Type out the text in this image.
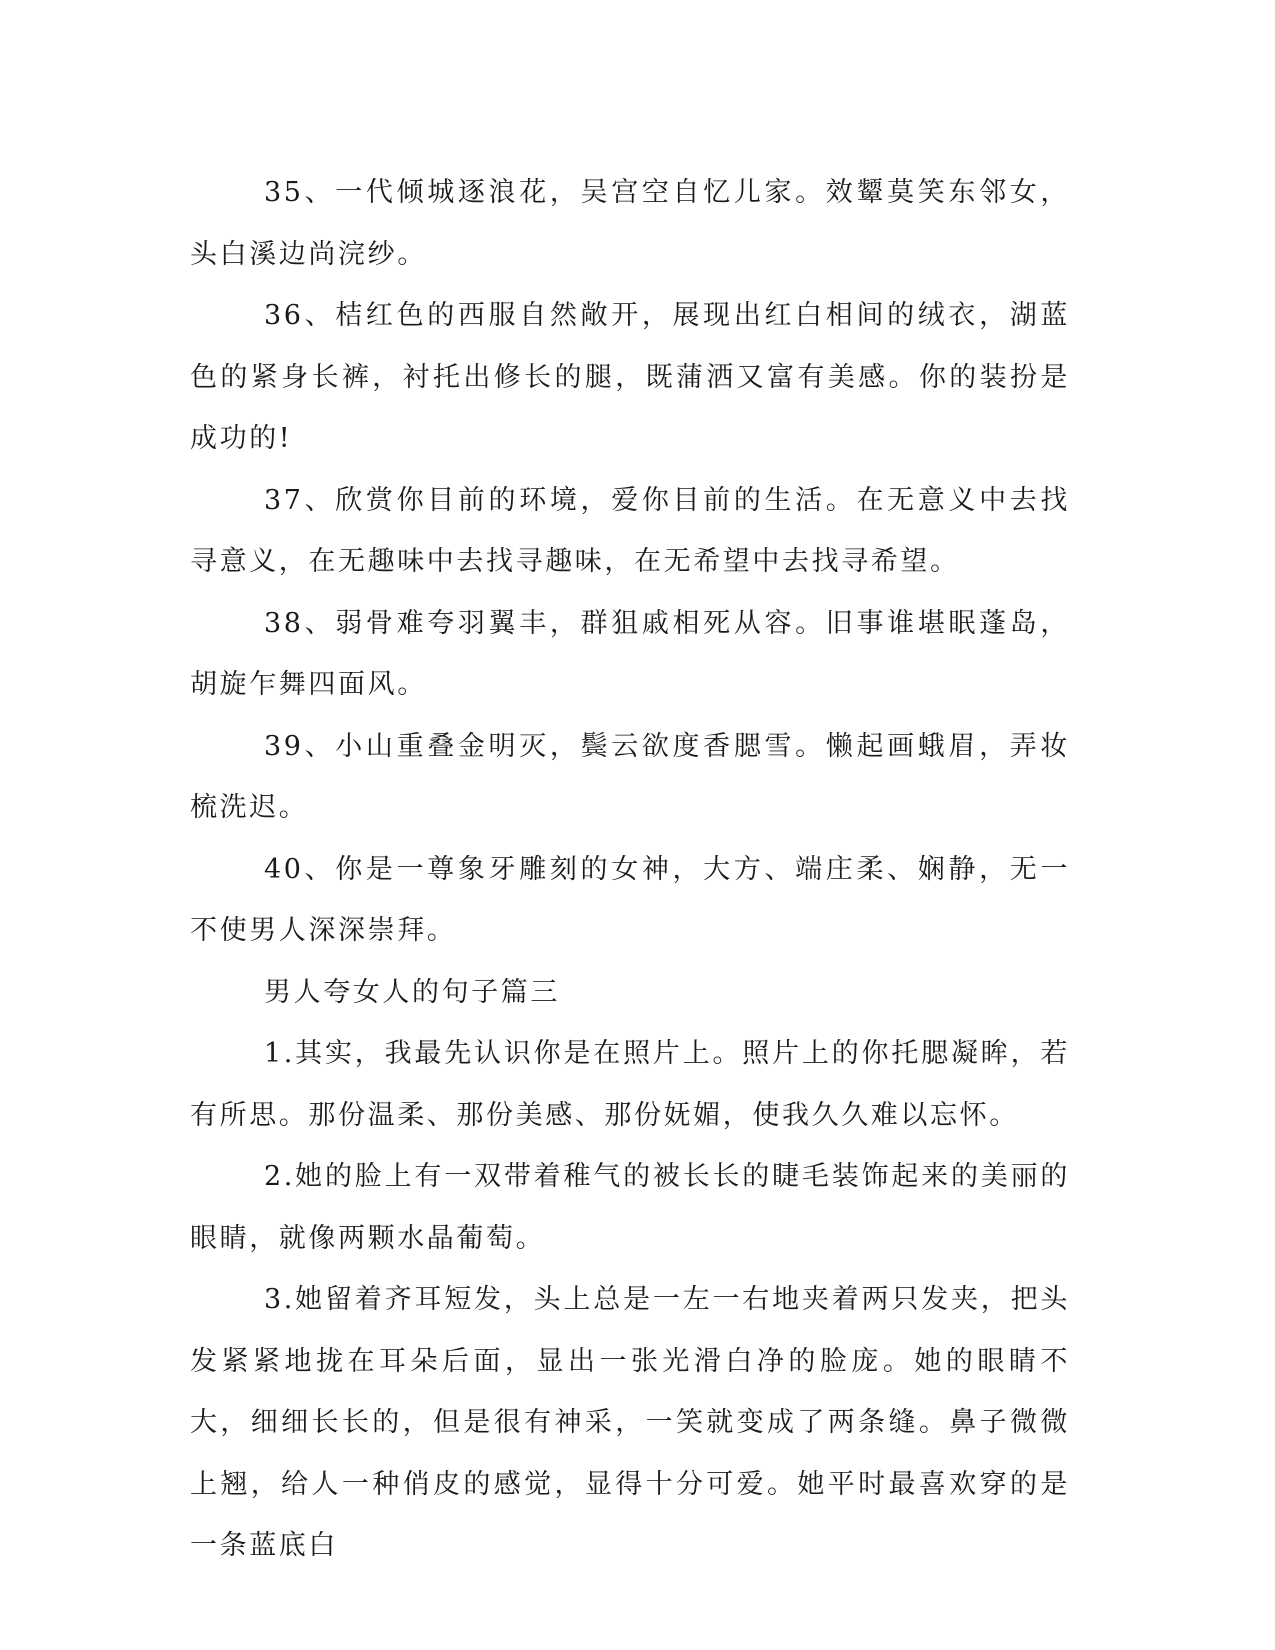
35、一代倾城逐浪花，吴宫空自忆儿家。效颦莫笑东邻女，头白溪边尚浣纱。

36、桔红色的西服自然敞开，展现出红白相间的绒衣，湖蓝色的紧身长裤，衬托出修长的腿，既蒲洒又富有美感。你的装扮是成功的!

37、欣赏你目前的环境，爱你目前的生活。在无意义中去找寻意义，在无趣味中去找寻趣味，在无希望中去找寻希望。

38、弱骨难夸羽翼丰，群狙戚相死从容。旧事谁堪眠蓬岛，胡旋乍舞四面风。

39、小山重叠金明灭，鬓云欲度香腮雪。懒起画蛾眉，弄妆梳洗迟。

40、你是一尊象牙雕刻的女神，大方、端庄柔、娴静，无一不使男人深深崇拜。

男人夸女人的句子篇三

1.其实，我最先认识你是在照片上。照片上的你托腮凝眸，若有所思。那份温柔、那份美感、那份妩媚，使我久久难以忘怀。

2.她的脸上有一双带着稚气的被长长的睫毛装饰起来的美丽的眼睛，就像两颗水晶葡萄。

3.她留着齐耳短发，头上总是一左一右地夹着两只发夹，把头发紧紧地拢在耳朵后面，显出一张光滑白净的脸庞。她的眼睛不大，细细长长的，但是很有神采，一笑就变成了两条缝。鼻子微微上翘，给人一种俏皮的感觉，显得十分可爱。她平时最喜欢穿的是一条蓝底白
